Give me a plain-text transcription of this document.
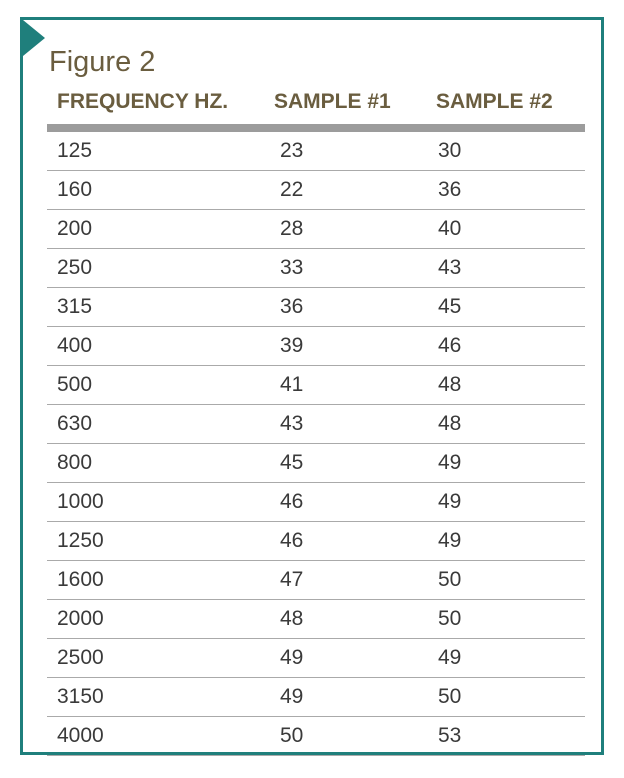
Figure 2
FREQUENCY HZ.	SAMPLE #1	SAMPLE #2
125	23	30
160	22	36
200	28	40
250	33	43
315	36	45
400	39	46
500	41	48
630	43	48
800	45	49
1000	46	49
1250	46	49
1600	47	50
2000	48	50
2500	49	49
3150	49	50
4000	50	53
